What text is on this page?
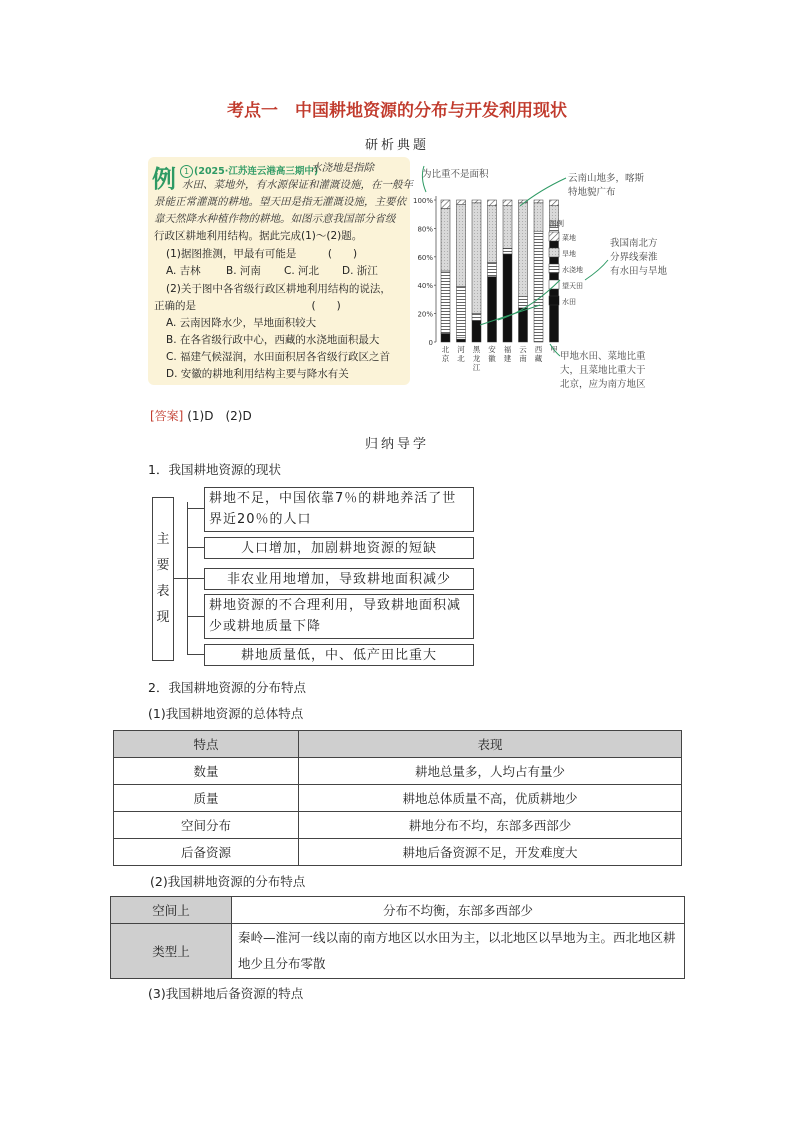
考点一　中国耕地资源的分布与开发利用现状
研析典题
例 1 (2025·江苏连云港高三期中)
水浇地是指除
水田、菜地外，有水源保证和灌溉设施，在一般年
景能正常灌溉的耕地。望天田是指无灌溉设施，主要依
靠天然降水种植作物的耕地。如图示意我国部分省级
行政区耕地利用结构。据此完成(1)～(2)题。
(1)据图推测，甲最有可能是　　　(　　)
A. 吉林 B. 河南 C. 河北 D. 浙江
(2)关于图中各省级行政区耕地利用结构的说法，
正确的是　　　　　　　　　　　(　　)
A. 云南因降水少，旱地面积较大
B. 在各省级行政中心，西藏的水浇地面积最大
C. 福建气候湿润，水田面积居各省级行政区之首
D. 安徽的耕地利用结构主要与降水有关
0
20%
40%
60%
80%
100%
北
京
河
北
黑
龙
江
安
徽
福
建
云
南
西
藏
甲
图例
菜地
旱地
水浇地
望天田
水田
为比重不是面积	云南山地多，喀斯
特地貌广布
我国南北方
分界线秦淮
有水田与旱地
甲地水田、菜地比重
大，且菜地比重大于
北京，应为南方地区
[答案] (1)D　(2)D
归纳导学
1．我国耕地资源的现状
主
要
表
现
耕地不足，中国依靠7％的耕地养活了世界近20％的人口
人口增加，加剧耕地资源的短缺
非农业用地增加，导致耕地面积减少
耕地资源的不合理利用，导致耕地面积减少或耕地质量下降
耕地质量低，中、低产田比重大
2．我国耕地资源的分布特点
(1)我国耕地资源的总体特点
特点	表现
数量	耕地总量多，人均占有量少
质量	耕地总体质量不高，优质耕地少
空间分布	耕地分布不均，东部多西部少
后备资源	耕地后备资源不足，开发难度大
(2)我国耕地资源的分布特点
空间上	分布不均衡，东部多西部少
类型上	秦岭—淮河一线以南的南方地区以水田为主，以北地区以旱地为主。西北地区耕地少且分布零散
(3)我国耕地后备资源的特点
